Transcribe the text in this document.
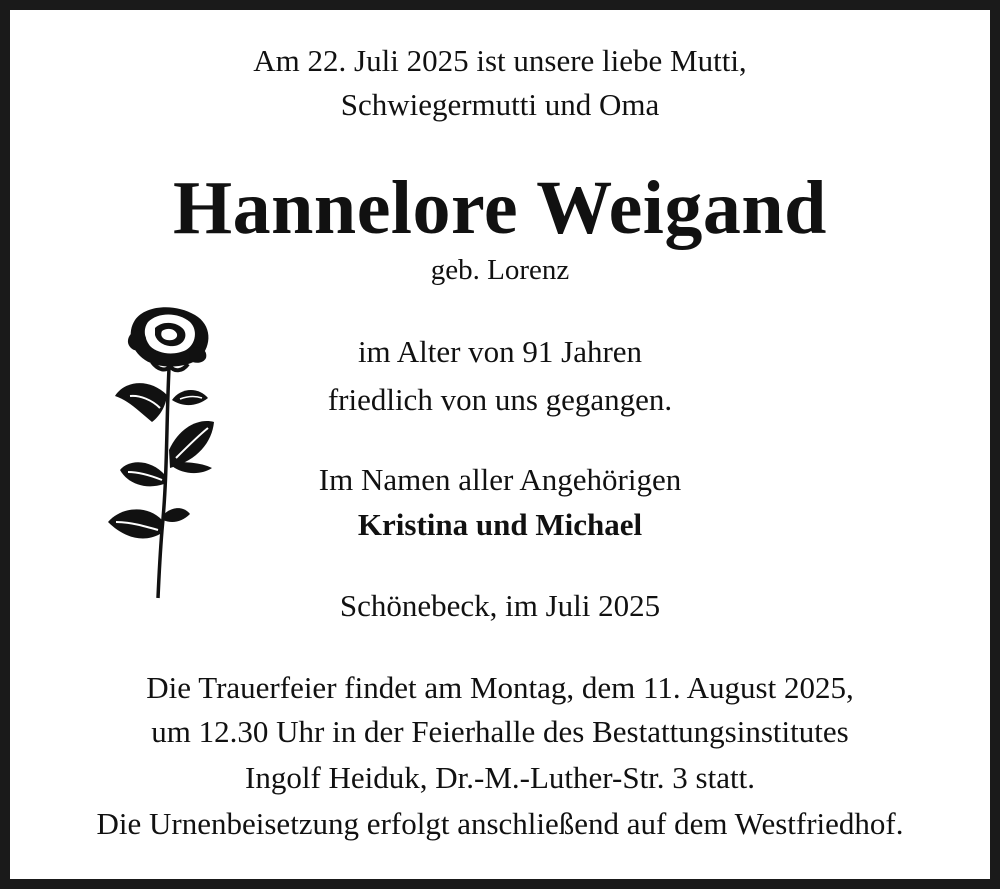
Am 22. Juli 2025 ist unsere liebe Mutti,
Schwiegermutti und Oma
Hannelore Weigand
geb. Lorenz
im Alter von 91 Jahren
friedlich von uns gegangen.
Im Namen aller Angehörigen
Kristina und Michael
Schönebeck, im Juli 2025
Die Trauerfeier findet am Montag, dem 11. August 2025,
um 12.30 Uhr in der Feierhalle des Bestattungsinstitutes
Ingolf Heiduk, Dr.-M.-Luther-Str. 3 statt.
Die Urnenbeisetzung erfolgt anschließend auf dem Westfriedhof.
